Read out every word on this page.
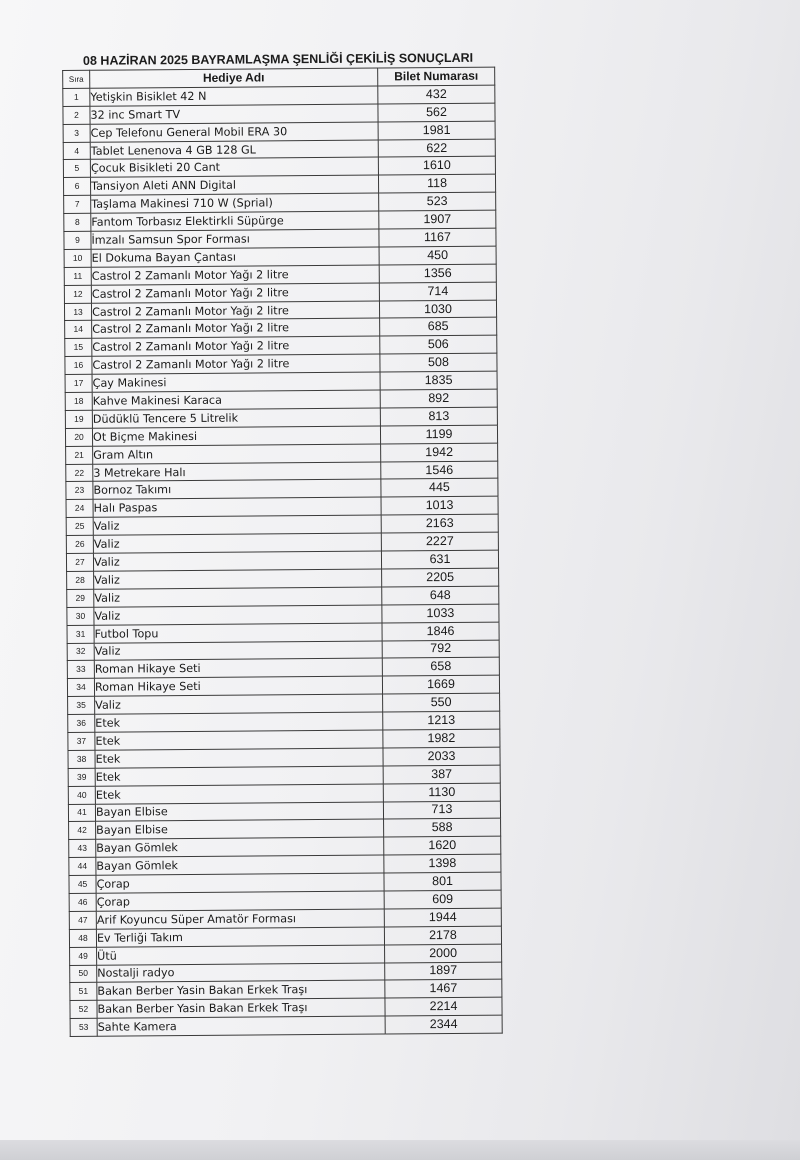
08 HAZİRAN 2025 BAYRAMLAŞMA ŞENLİĞİ ÇEKİLİŞ SONUÇLARI
Sıra	Hediye Adı	Bilet Numarası
1	Yetişkin Bisiklet 42 N	432
2	32 inc Smart TV	562
3	Cep Telefonu General Mobil ERA 30	1981
4	Tablet Lenenova 4 GB 128 GL	622
5	Çocuk Bisikleti 20 Cant	1610
6	Tansiyon Aleti ANN Digital	118
7	Taşlama Makinesi 710 W (Sprial)	523
8	Fantom Torbasız Elektirkli Süpürge	1907
9	İmzalı Samsun Spor Forması	1167
10	El Dokuma Bayan Çantası	450
11	Castrol 2 Zamanlı Motor Yağı 2 litre	1356
12	Castrol 2 Zamanlı Motor Yağı 2 litre	714
13	Castrol 2 Zamanlı Motor Yağı 2 litre	1030
14	Castrol 2 Zamanlı Motor Yağı 2 litre	685
15	Castrol 2 Zamanlı Motor Yağı 2 litre	506
16	Castrol 2 Zamanlı Motor Yağı 2 litre	508
17	Çay Makinesi	1835
18	Kahve Makinesi Karaca	892
19	Düdüklü Tencere 5 Litrelik	813
20	Ot Biçme Makinesi	1199
21	Gram Altın	1942
22	3 Metrekare Halı	1546
23	Bornoz Takımı	445
24	Halı Paspas	1013
25	Valiz	2163
26	Valiz	2227
27	Valiz	631
28	Valiz	2205
29	Valiz	648
30	Valiz	1033
31	Futbol Topu	1846
32	Valiz	792
33	Roman Hikaye Seti	658
34	Roman Hikaye Seti	1669
35	Valiz	550
36	Etek	1213
37	Etek	1982
38	Etek	2033
39	Etek	387
40	Etek	1130
41	Bayan Elbise	713
42	Bayan Elbise	588
43	Bayan Gömlek	1620
44	Bayan Gömlek	1398
45	Çorap	801
46	Çorap	609
47	Arif Koyuncu Süper Amatör Forması	1944
48	Ev Terliği Takım	2178
49	Ütü	2000
50	Nostalji radyo	1897
51	Bakan Berber Yasin Bakan Erkek Traşı	1467
52	Bakan Berber Yasin Bakan Erkek Traşı	2214
53	Sahte Kamera	2344
